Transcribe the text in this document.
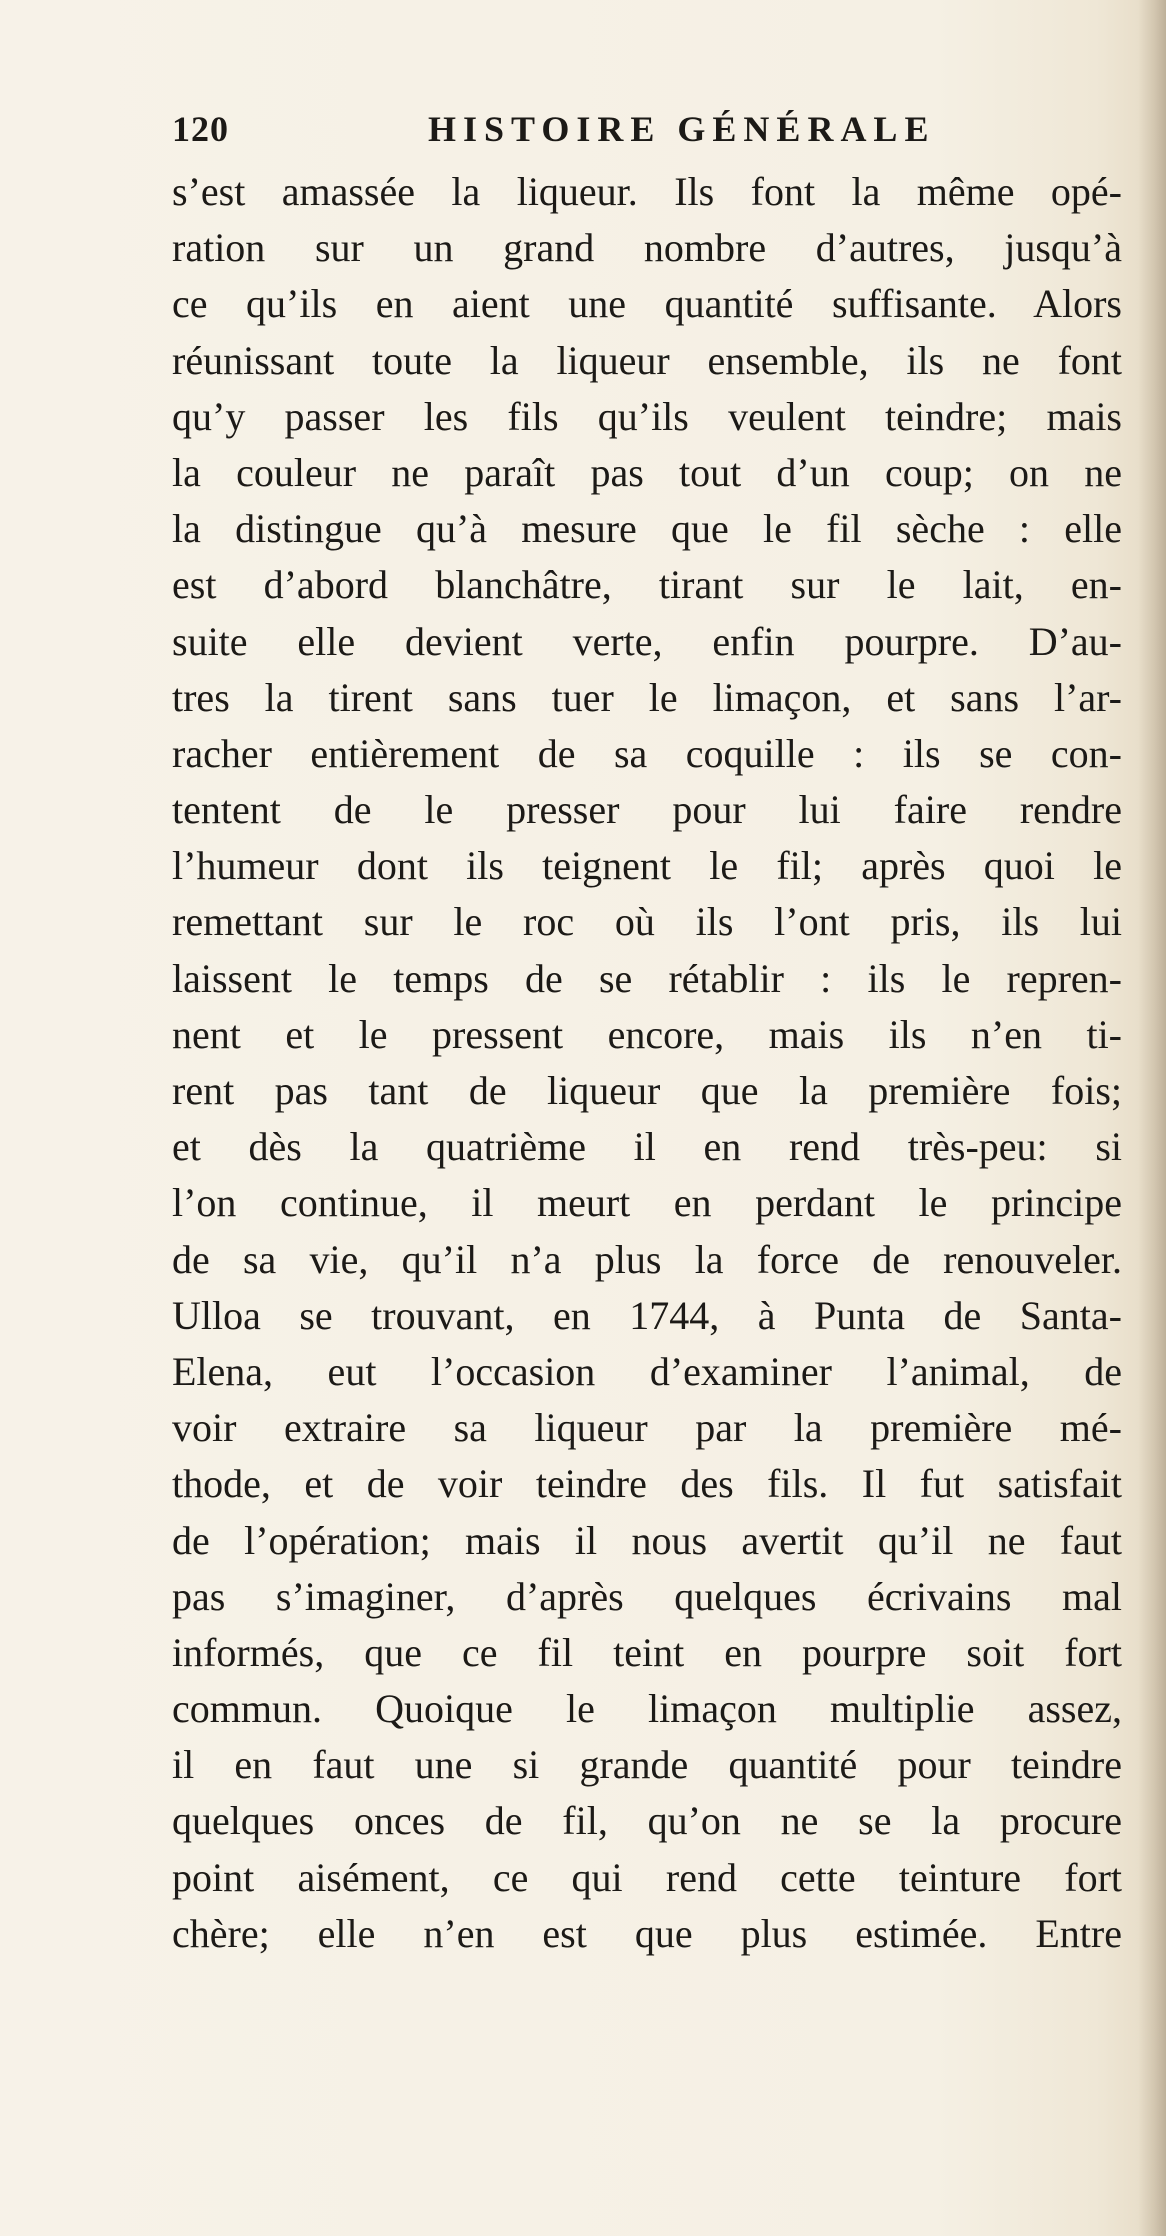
120	HISTOIRE GÉNÉRALE
s’est amassée la liqueur. Ils font la même opé-
ration sur un grand nombre d’autres, jusqu’à
ce qu’ils en aient une quantité suffisante. Alors
réunissant toute la liqueur ensemble, ils ne font
qu’y passer les fils qu’ils veulent teindre; mais
la couleur ne paraît pas tout d’un coup; on ne
la distingue qu’à mesure que le fil sèche : elle
est d’abord blanchâtre, tirant sur le lait, en-
suite elle devient verte, enfin pourpre. D’au-
tres la tirent sans tuer le limaçon, et sans l’ar-
racher entièrement de sa coquille : ils se con-
tentent de le presser pour lui faire rendre
l’humeur dont ils teignent le fil; après quoi le
remettant sur le roc où ils l’ont pris, ils lui
laissent le temps de se rétablir : ils le repren-
nent et le pressent encore, mais ils n’en ti-
rent pas tant de liqueur que la première fois;
et dès la quatrième il en rend très-peu: si
l’on continue, il meurt en perdant le principe
de sa vie, qu’il n’a plus la force de renouveler.
Ulloa se trouvant, en 1744, à Punta de Santa-
Elena, eut l’occasion d’examiner l’animal, de
voir extraire sa liqueur par la première mé-
thode, et de voir teindre des fils. Il fut satisfait
de l’opération; mais il nous avertit qu’il ne faut
pas s’imaginer, d’après quelques écrivains mal
informés, que ce fil teint en pourpre soit fort
commun. Quoique le limaçon multiplie assez,
il en faut une si grande quantité pour teindre
quelques onces de fil, qu’on ne se la procure
point aisément, ce qui rend cette teinture fort
chère; elle n’en est que plus estimée. Entre
